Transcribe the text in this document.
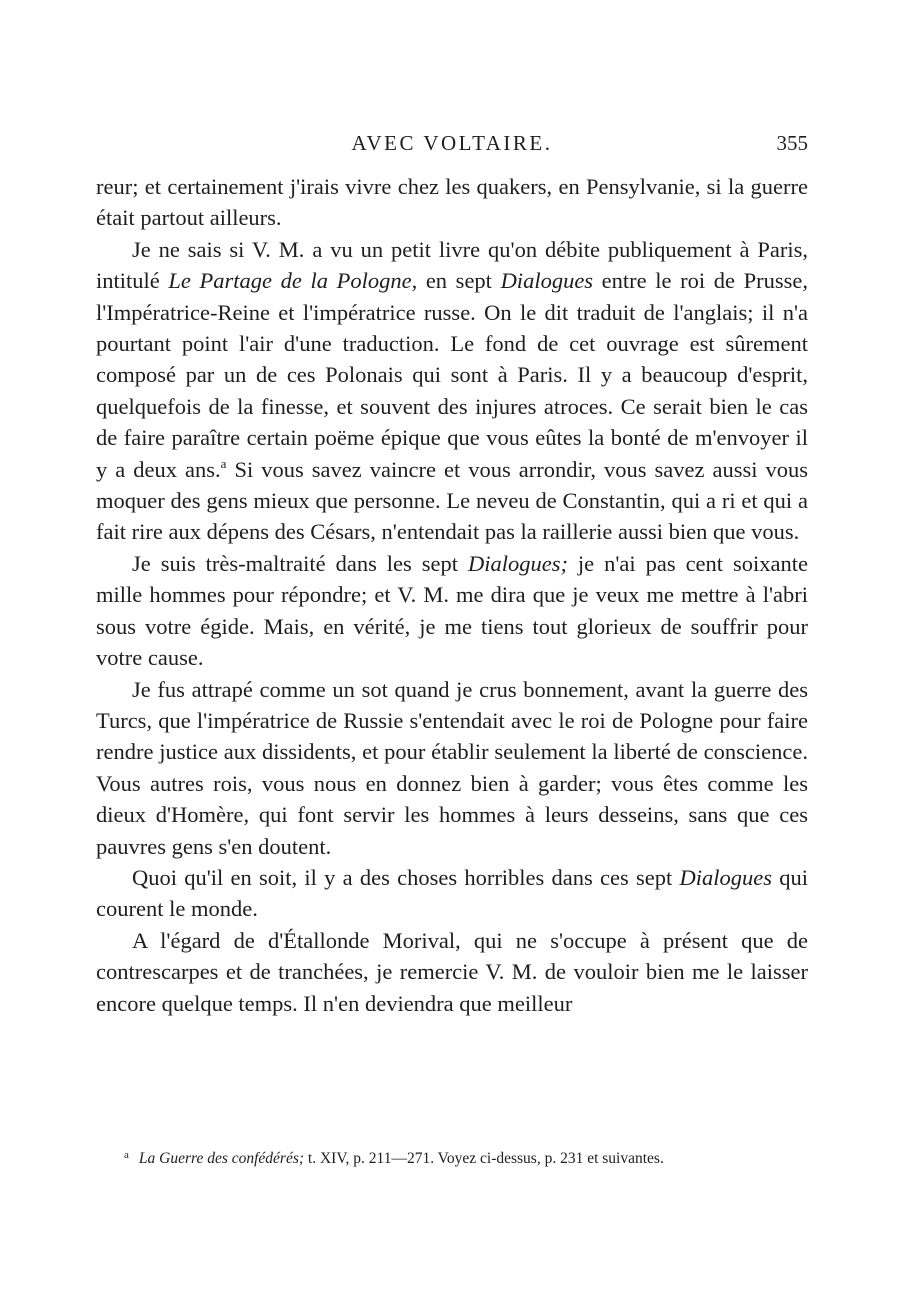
AVEC VOLTAIRE.	355

reur; et certainement j'irais vivre chez les quakers, en Pensylvanie, si la guerre était partout ailleurs.

Je ne sais si V. M. a vu un petit livre qu'on débite publiquement à Paris, intitulé Le Partage de la Pologne, en sept Dialogues entre le roi de Prusse, l'Impératrice-Reine et l'impératrice russe. On le dit traduit de l'anglais; il n'a pourtant point l'air d'une traduction. Le fond de cet ouvrage est sûrement composé par un de ces Polonais qui sont à Paris. Il y a beaucoup d'esprit, quelquefois de la finesse, et souvent des injures atroces. Ce serait bien le cas de faire paraître certain poëme épique que vous eûtes la bonté de m'envoyer il y a deux ans.$^a$ Si vous savez vaincre et vous arrondir, vous savez aussi vous moquer des gens mieux que personne. Le neveu de Constantin, qui a ri et qui a fait rire aux dépens des Césars, n'entendait pas la raillerie aussi bien que vous.

Je suis très-maltraité dans les sept Dialogues; je n'ai pas cent soixante mille hommes pour répondre; et V. M. me dira que je veux me mettre à l'abri sous votre égide. Mais, en vérité, je me tiens tout glorieux de souffrir pour votre cause.

Je fus attrapé comme un sot quand je crus bonnement, avant la guerre des Turcs, que l'impératrice de Russie s'entendait avec le roi de Pologne pour faire rendre justice aux dissidents, et pour établir seulement la liberté de conscience. Vous autres rois, vous nous en donnez bien à garder; vous êtes comme les dieux d'Homère, qui font servir les hommes à leurs desseins, sans que ces pauvres gens s'en doutent.

Quoi qu'il en soit, il y a des choses horribles dans ces sept Dialogues qui courent le monde.

A l'égard de d'Étallonde Morival, qui ne s'occupe à présent que de contrescarpes et de tranchées, je remercie V. M. de vouloir bien me le laisser encore quelque temps. Il n'en deviendra que meilleur

$^a$ La Guerre des confédérés; t. XIV, p. 211—271. Voyez ci-dessus, p. 231 et suivantes.
